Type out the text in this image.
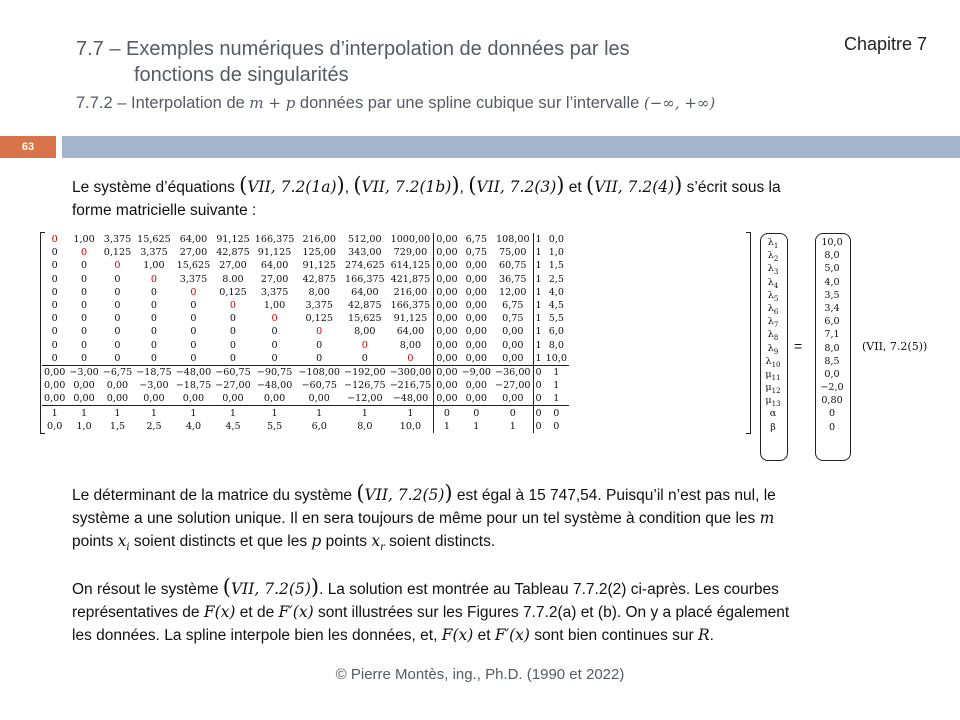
7.7 – Exemples numériques d’interpolation de données par les
fonctions de singularités
7.7.2 – Interpolation de m + p données par une spline cubique sur l’intervalle (−∞, +∞)
Chapitre 7
63
Le système d’équations (VII, 7.2(1a)), (VII, 7.2(1b)), (VII, 7.2(3)) et (VII, 7.2(4)) s’écrit sous la
forme matricielle suivante :
0	1,00	3,375	15,625	64,00	91,125	166,375	216,00	512,00	1000,00	0,00	6,75	108,00	1	0,0
0	0	0,125	3,375	27,00	42,875	91,125	125,00	343,00	729,00	0,00	0,75	75,00	1	1,0
0	0	0	1,00	15,625	27,00	64,00	91,125	274,625	614,125	0,00	0,00	60,75	1	1,5
0	0	0	0	3,375	8.00	27,00	42,875	166,375	421,875	0,00	0,00	36,75	1	2,5
0	0	0	0	0	0,125	3,375	8,00	64,00	216,00	0,00	0,00	12,00	1	4,0
0	0	0	0	0	0	1,00	3,375	42,875	166,375	0,00	0,00	6,75	1	4,5
0	0	0	0	0	0	0	0,125	15,625	91,125	0,00	0,00	0,75	1	5,5
0	0	0	0	0	0	0	0	8,00	64,00	0,00	0,00	0,00	1	6,0
0	0	0	0	0	0	0	0	0	8,00	0,00	0,00	0,00	1	8,0
0	0	0	0	0	0	0	0	0	0	0,00	0,00	0,00	1	10,0
0,00	−3,00	−6,75	−18,75	−48,00	−60,75	−90,75	−108,00	−192,00	−300,00	0,00	−9,00	−36,00	0	1
0,00	0,00	0,00	−3,00	−18,75	−27,00	−48,00	−60,75	−126,75	−216,75	0,00	0,00	−27,00	0	1
0,00	0,00	0,00	0,00	0,00	0,00	0,00	0,00	−12,00	−48,00	0,00	0,00	0,00	0	1
1	1	1	1	1	1	1	1	1	1	0	0	0	0	0
0,0	1,0	1,5	2,5	4,0	4,5	5,5	6,0	8,0	10,0	1	1	1	0	0
$\lambda_1$
$\lambda_2$
$\lambda_3$
$\lambda_4$
$\lambda_5$
$\lambda_6$
$\lambda_7$
$\lambda_8$
$\lambda_9$
$\lambda_{10}$
$\mu_{11}$
$\mu_{12}$
$\mu_{13}$
α
β
=
10,0
8,0
5,0
4,0
3,5
3,4
6,0
7,1
8,0
8,5
0,0
−2,0
0,80
0
0
(VII, 7.2(5))
Le déterminant de la matrice du système (VII, 7.2(5)) est égal à 15 747,54. Puisqu’il n’est pas nul, le
système a une solution unique. Il en sera toujours de même pour un tel système à condition que les m
points $x_i$ soient distincts et que les p points $x_r$ soient distincts.
On résout le système (VII, 7.2(5)). La solution est montrée au Tableau 7.7.2(2) ci-après. Les courbes
représentatives de F(x) et de F′(x) sont illustrées sur les Figures 7.7.2(a) et (b). On y a placé également
les données. La spline interpole bien les données, et, F(x) et F′(x) sont bien continues sur R.
© Pierre Montès, ing., Ph.D. (1990 et 2022)
